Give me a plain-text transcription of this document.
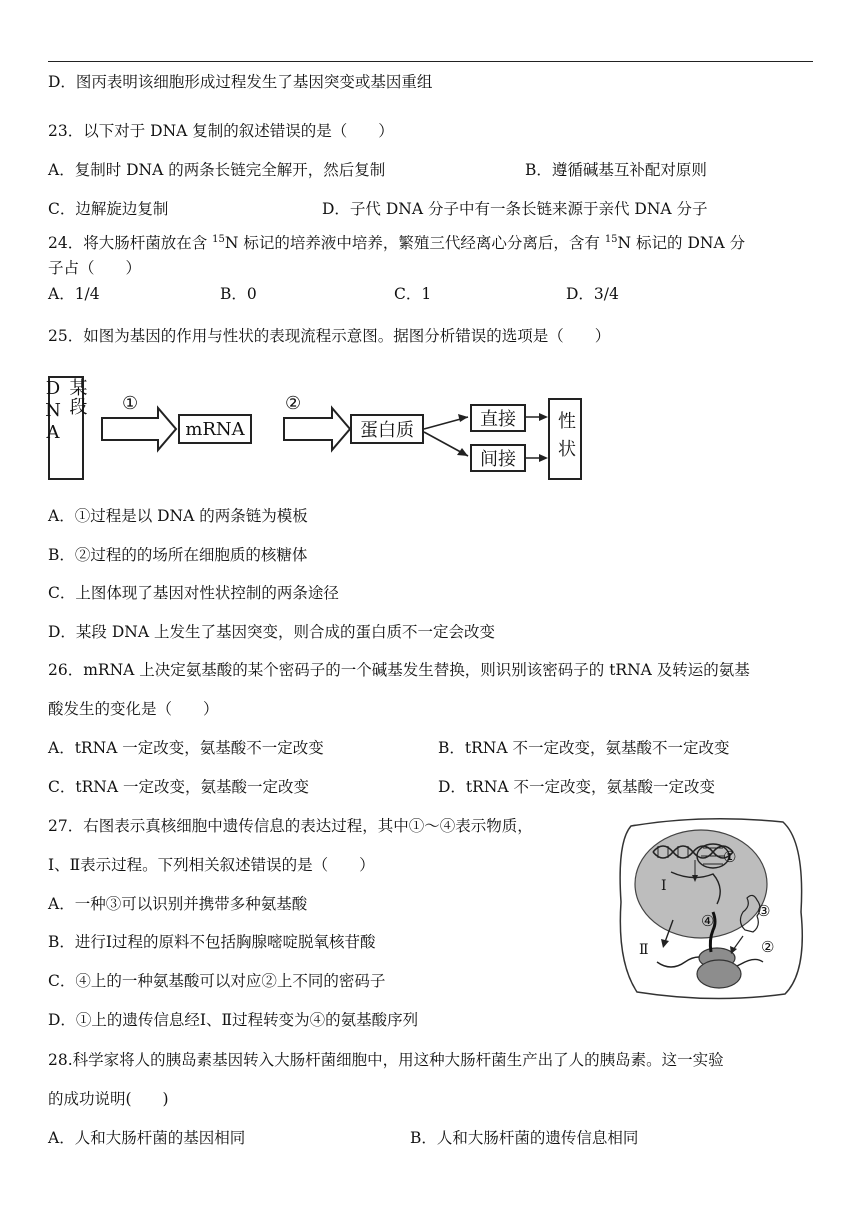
D．图丙表明该细胞形成过程发生了基因突变或基因重组
23．以下对于 DNA 复制的叙述错误的是（　　）
A．复制时 DNA 的两条长链完全解开，然后复制	B．遵循碱基互补配对原则
C．边解旋边复制	D．子代 DNA 分子中有一条长链来源于亲代 DNA 分子
24．将大肠杆菌放在含 $^{15}$N 标记的培养液中培养，繁殖三代经离心分离后，含有 $^{15}$N 标记的 DNA 分
子占（　　）
A．1/4	B．0	C．1	D．3/4
25．如图为基因的作用与性状的表现流程示意图。据图分析错误的选项是（　　）
某段DNA	①
mRNA
②
蛋白质
直接
间接	性状
A．①过程是以 DNA 的两条链为模板
B．②过程的的场所在细胞质的核糖体
C．上图体现了基因对性状控制的两条途径
D．某段 DNA 上发生了基因突变，则合成的蛋白质不一定会改变
26．mRNA 上决定氨基酸的某个密码子的一个碱基发生替换，则识别该密码子的 tRNA 及转运的氨基
酸发生的变化是（　　）
A．tRNA 一定改变，氨基酸不一定改变	B．tRNA 不一定改变，氨基酸不一定改变
C．tRNA 一定改变，氨基酸一定改变	D．tRNA 不一定改变，氨基酸一定改变
27．右图表示真核细胞中遗传信息的表达过程，其中①～④表示物质，
Ⅰ、Ⅱ表示过程。下列相关叙述错误的是（　　）
A．一种③可以识别并携带多种氨基酸
B．进行Ⅰ过程的原料不包括胸腺嘧啶脱氧核苷酸
C．④上的一种氨基酸可以对应②上不同的密码子
D．①上的遗传信息经Ⅰ、Ⅱ过程转变为④的氨基酸序列
①
②
③
④
Ⅰ
Ⅱ
28.科学家将人的胰岛素基因转入大肠杆菌细胞中，用这种大肠杆菌生产出了人的胰岛素。这一实验
的成功说明(　　)
A．人和大肠杆菌的基因相同	B．人和大肠杆菌的遗传信息相同
